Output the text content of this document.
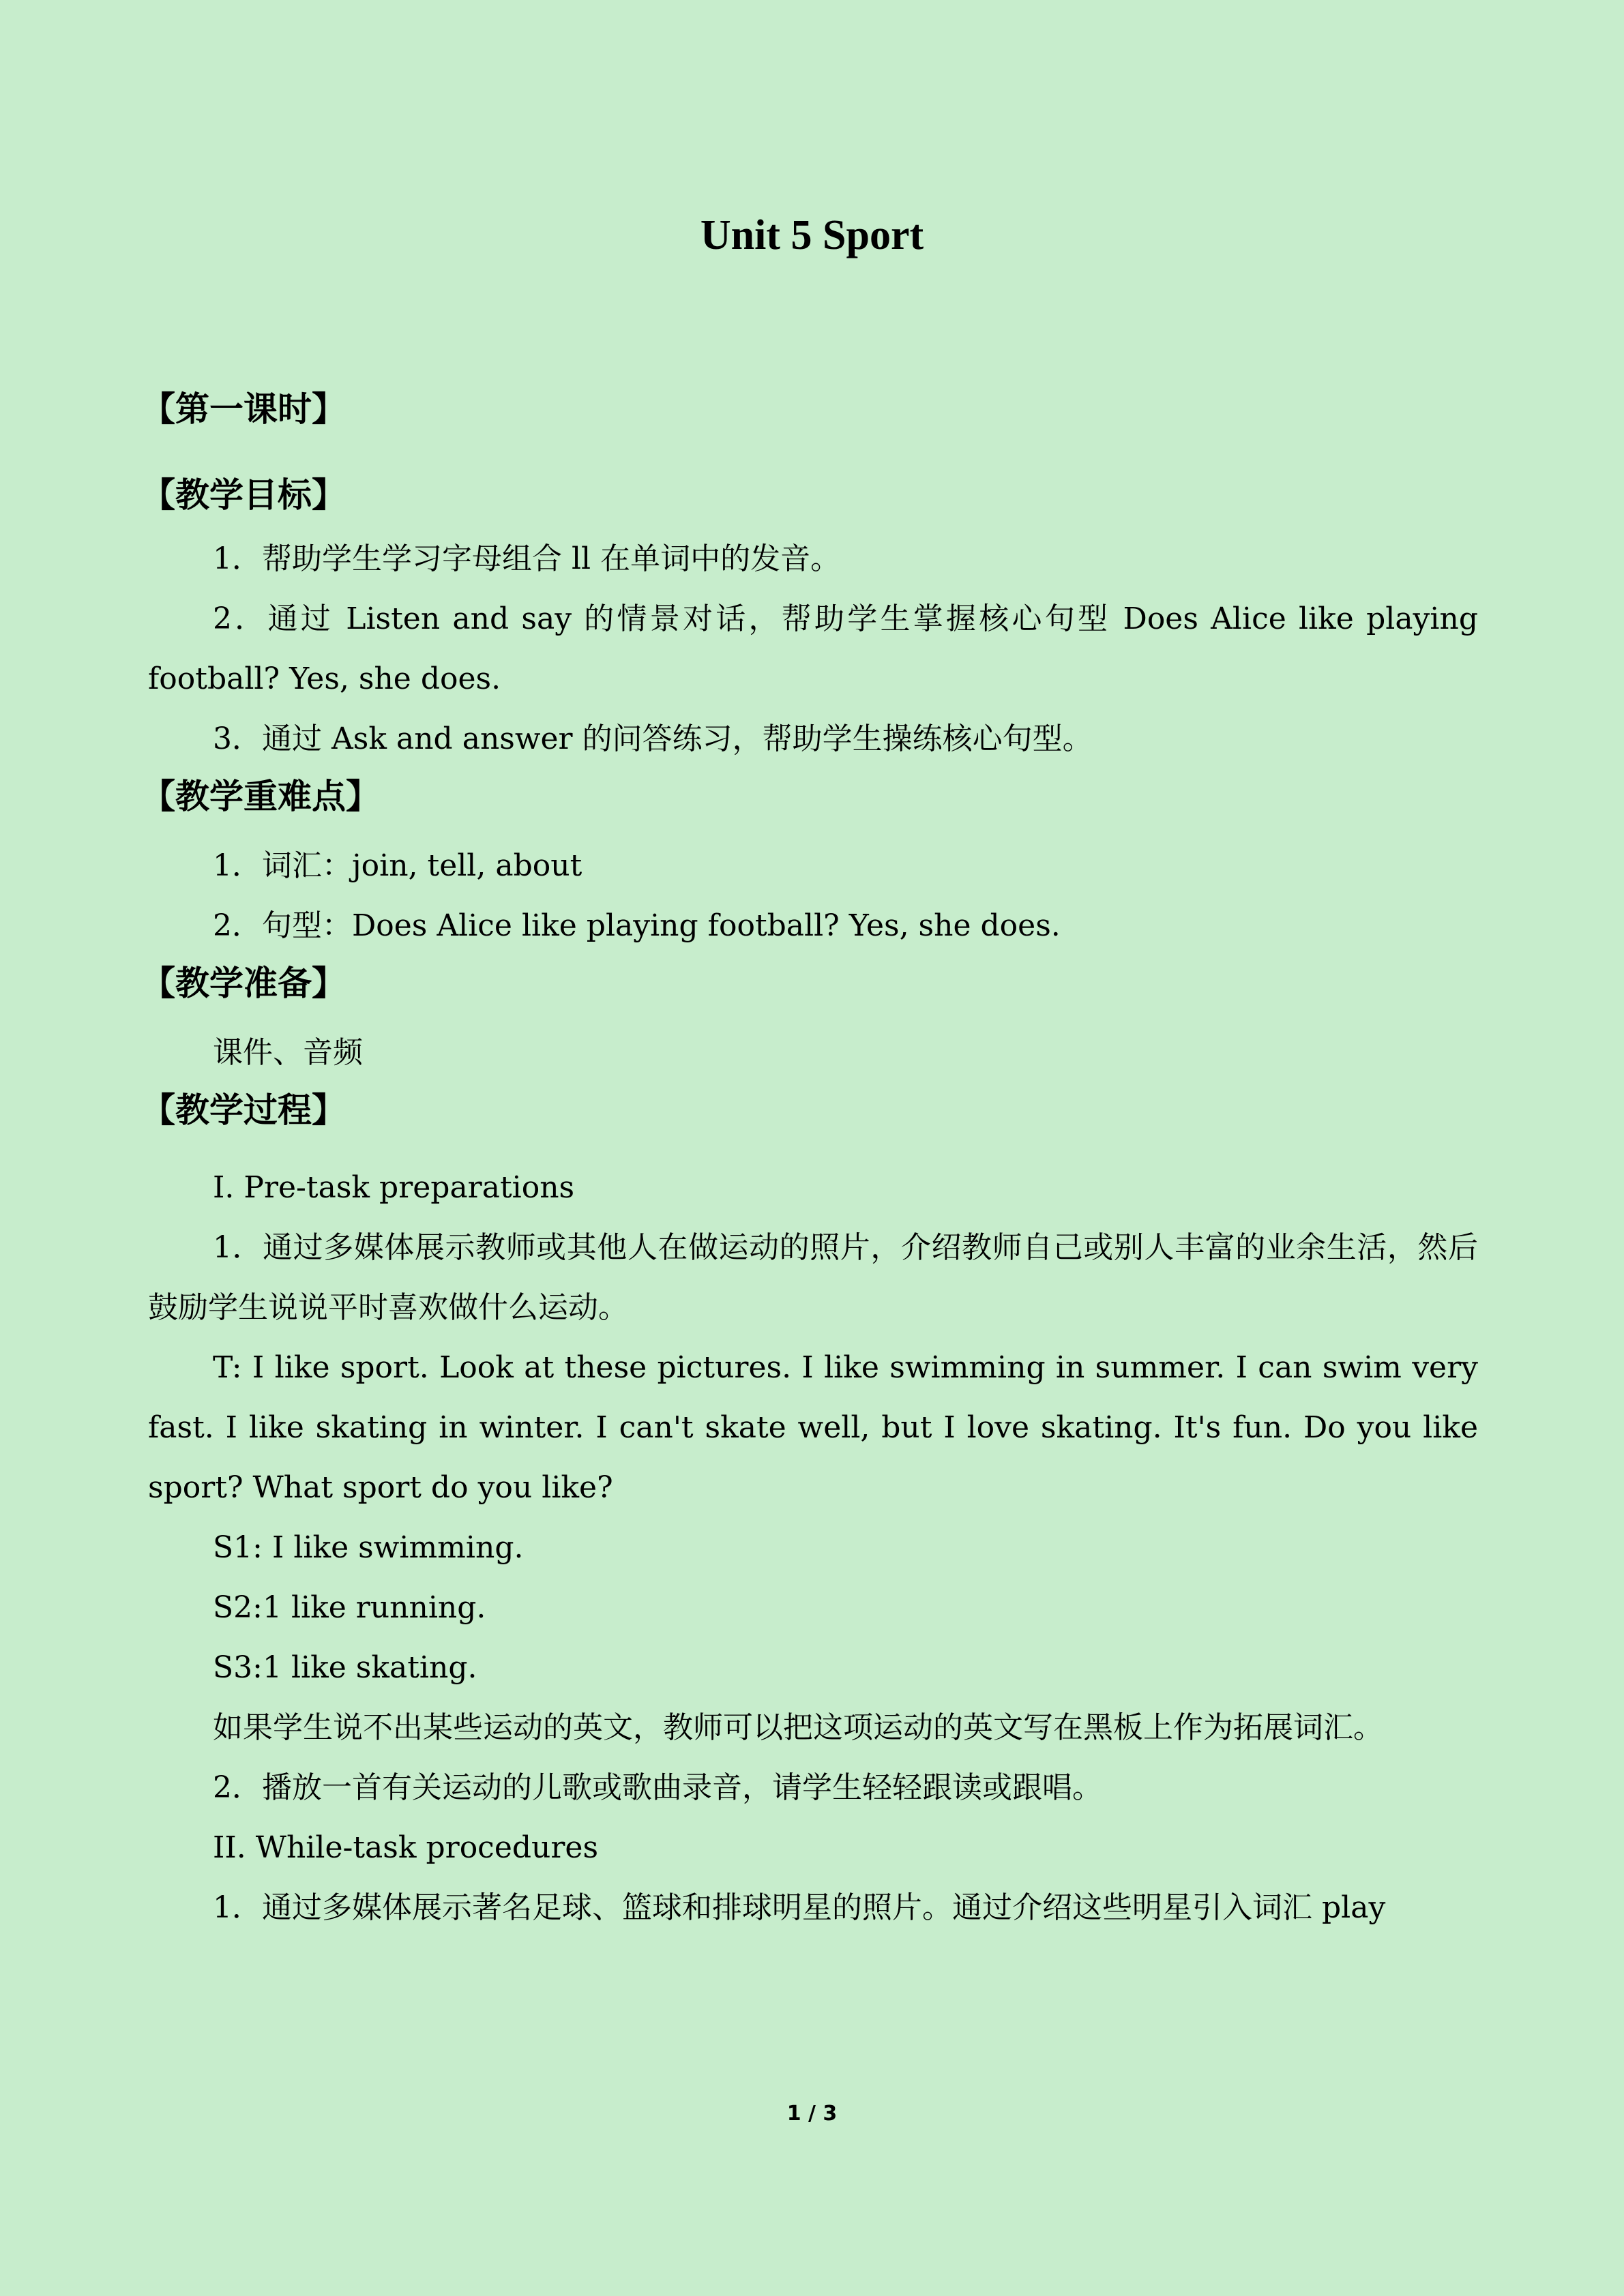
Unit 5 Sport
【第一课时】
【教学目标】
1．帮助学生学习字母组合 ll 在单词中的发音。
2．通过 Listen and say 的情景对话，帮助学生掌握核心句型 Does Alice like playing football? Yes, she does.
3．通过 Ask and answer 的问答练习，帮助学生操练核心句型。
【教学重难点】
1．词汇：join, tell, about
2．句型：Does Alice like playing football? Yes, she does.
【教学准备】
课件、音频
【教学过程】
I. Pre-task preparations
1．通过多媒体展示教师或其他人在做运动的照片，介绍教师自己或别人丰富的业余生活，然后鼓励学生说说平时喜欢做什么运动。
T: I like sport. Look at these pictures. I like swimming in summer. I can swim very fast. I like skating in winter. I can't skate well, but I love skating. It's fun. Do you like sport? What sport do you like?
S1: I like swimming.
S2:1 like running.
S3:1 like skating.
如果学生说不出某些运动的英文，教师可以把这项运动的英文写在黑板上作为拓展词汇。
2．播放一首有关运动的儿歌或歌曲录音，请学生轻轻跟读或跟唱。
II. While-task procedures
1．通过多媒体展示著名足球、篮球和排球明星的照片。通过介绍这些明星引入词汇 play
1 / 3
